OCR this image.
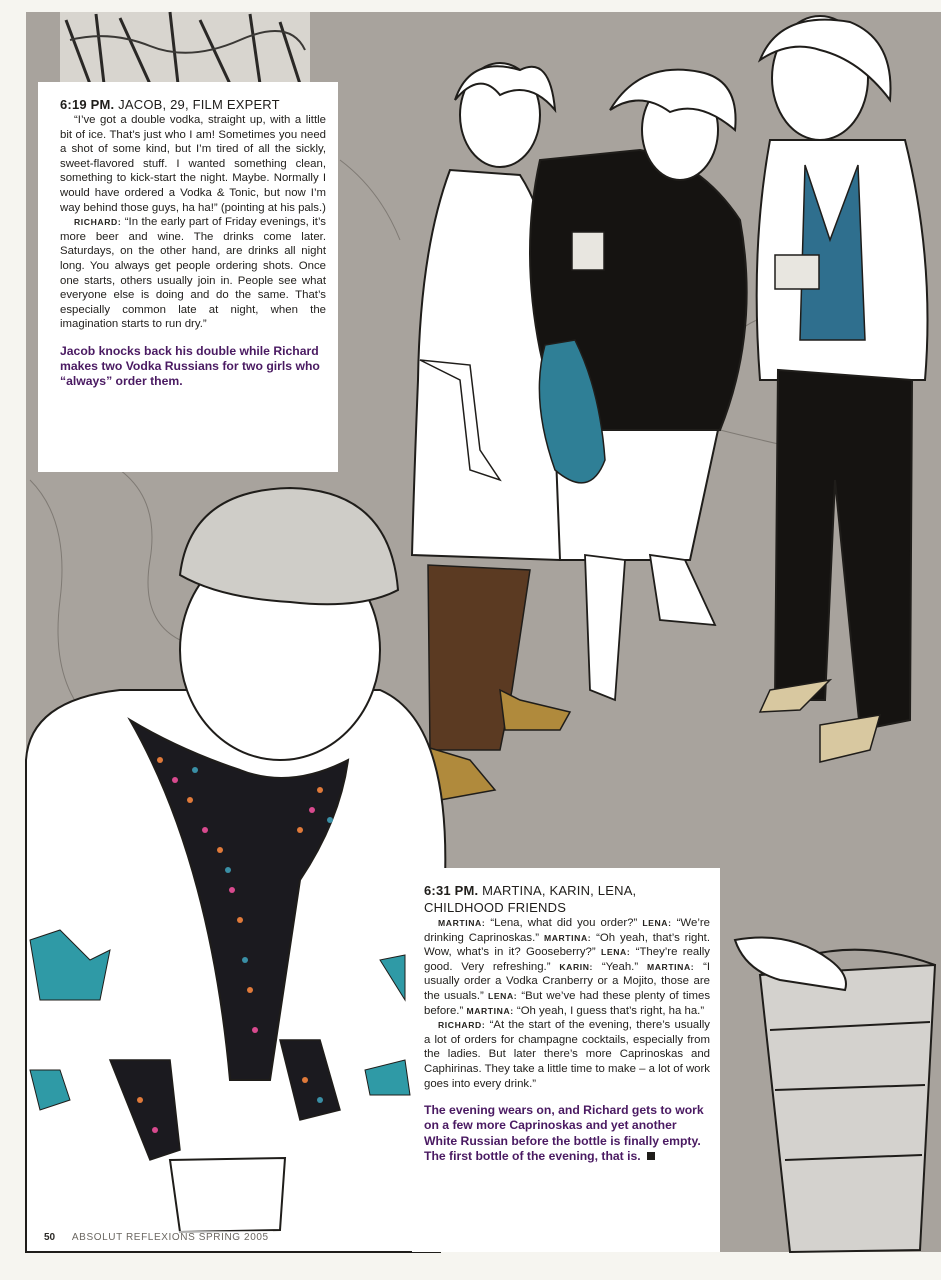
6:19 PM. JACOB, 29, FILM EXPERT

“I’ve got a double vodka, straight up, with a little bit of ice. That’s just who I am! Sometimes you need a shot of some kind, but I’m tired of all the sickly, sweet-flavored stuff. I wanted something clean, something to kick-start the night. Maybe. Normally I would have ordered a Vodka & Tonic, but now I’m way behind those guys, ha ha!” (pointing at his pals.)

RICHARD: “In the early part of Friday evenings, it’s more beer and wine. The drinks come later. Saturdays, on the other hand, are drinks all night long. You always get people ordering shots. Once one starts, others usually join in. People see what everyone else is doing and do the same. That’s especially common late at night, when the imagination starts to run dry.”

Jacob knocks back his double while Richard makes two Vodka Russians for two girls who “always” order them.
6:31 PM. MARTINA, KARIN, LENA, CHILDHOOD FRIENDS

MARTINA: “Lena, what did you order?” LENA: “We’re drinking Caprinoskas.” MARTINA: “Oh yeah, that’s right. Wow, what’s in it? Gooseberry?” LENA: “They’re really good. Very refreshing.” KARIN: “Yeah.” MARTINA: “I usually order a Vodka Cranberry or a Mojito, those are the usuals.” LENA: “But we’ve had these plenty of times before.” MARTINA: “Oh yeah, I guess that’s right, ha ha.”

RICHARD: “At the start of the evening, there’s usually a lot of orders for champagne cocktails, especially from the ladies. But later there’s more Caprinoskas and Caphirinas. They take a little time to make – a lot of work goes into every drink.”

The evening wears on, and Richard gets to work on a few more Caprinoskas and yet another White Russian before the bottle is finally empty. The first bottle of the evening, that is.
50 ABSOLUT REFLEXIONS SPRING 2005
